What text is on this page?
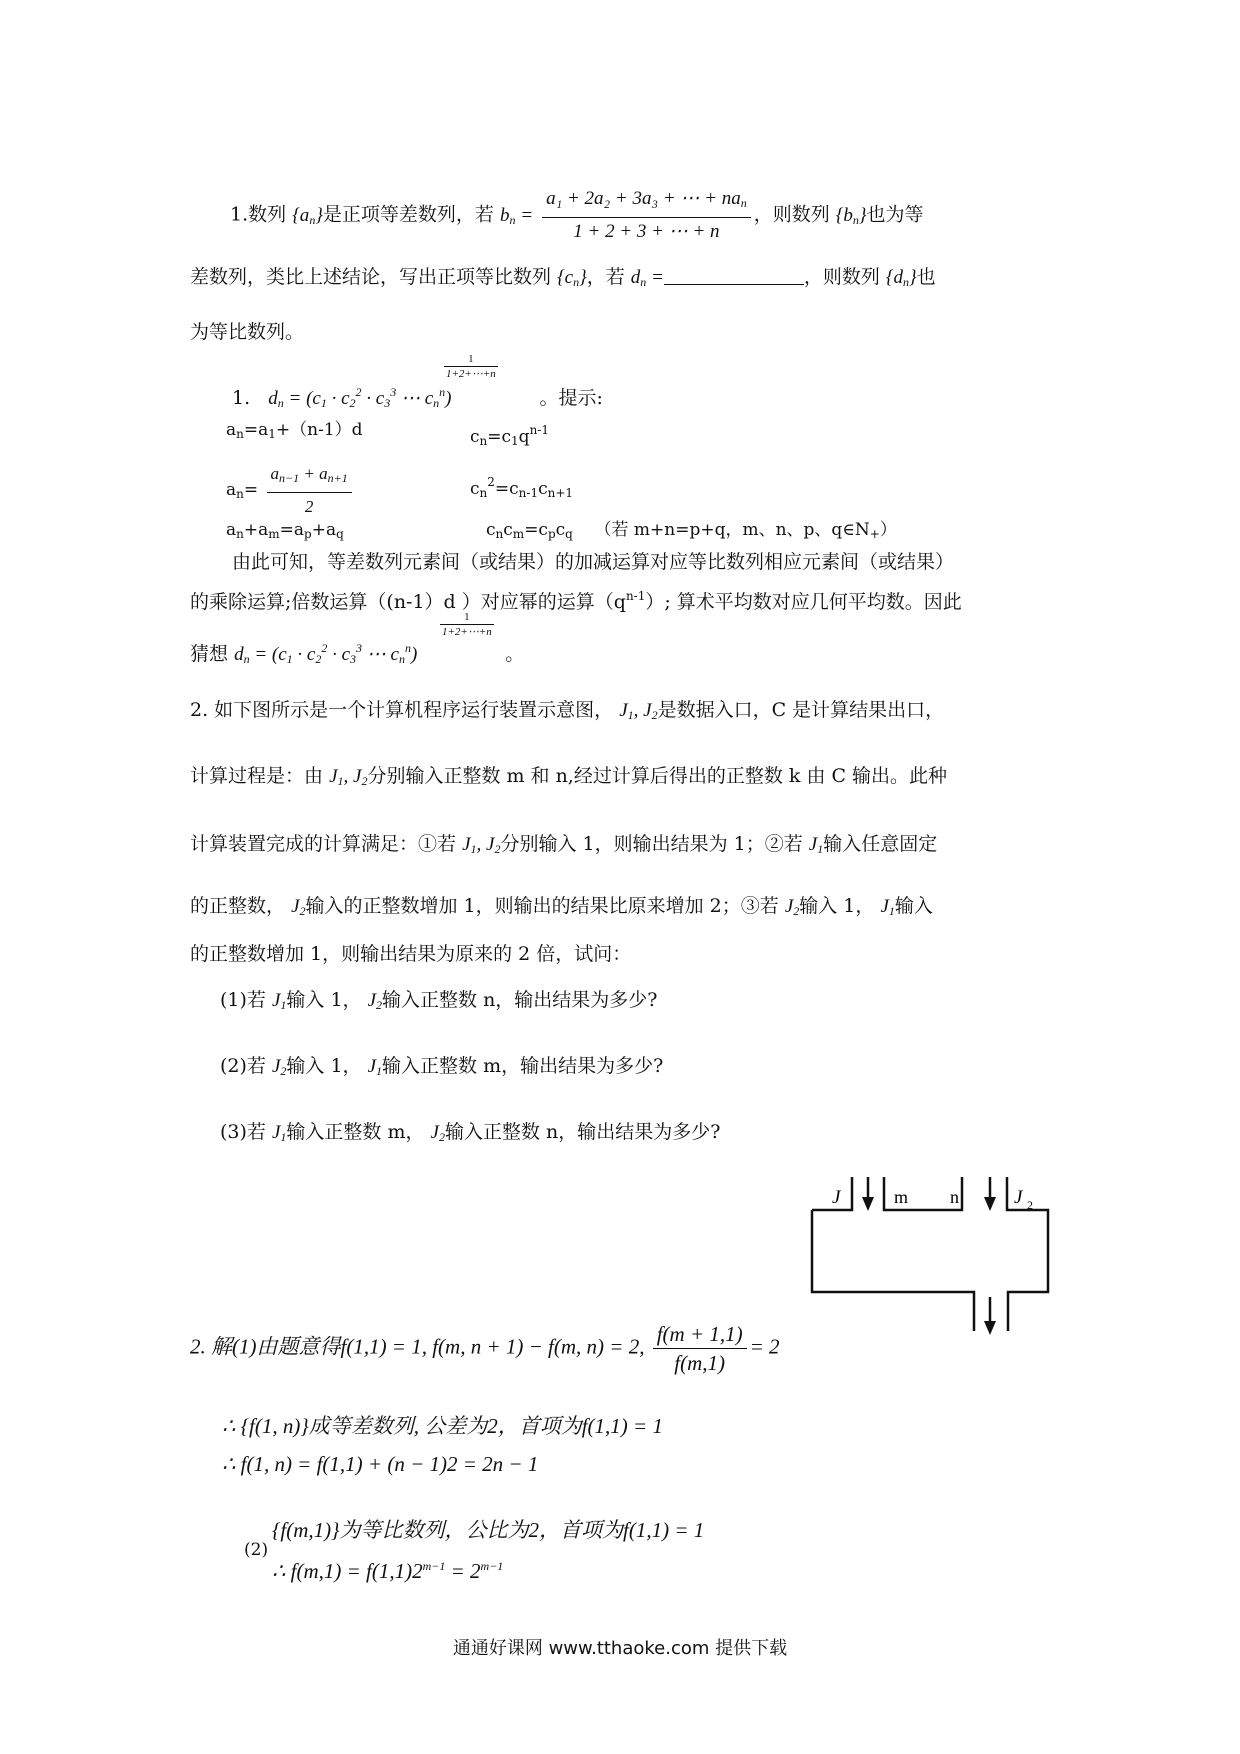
1.数列 $\{a_n\}$是正项等差数列，若 $b_n = \frac{a_1 + 2a_2 + 3a_3 + \cdots + na_n}{1 + 2 + 3 + \cdots + n}$ ，则数列 $\{b_n\}$也为等
差数列，类比上述结论，写出正项等比数列 $\{c_n\}$，若 $d_n$ =	，则数列 $\{d_n\}$也
为等比数列。
1. $d_n = (c_1 \cdot c_2^2 \cdot c_3^3$ ⋯ $c_n^n$)	。提示:
1
1+2+⋯+n
$a_n=a_1+(n-1)d$	$c_n=c_1q^{n-1}$
$a_n= \frac{a_{n-1} + a_{n+1}}{2}$	$c_n^2=c_{n-1}c_{n+1}$
$a_n+a_m=a_p+a_q$	$c_nc_m=c_pc_q$ （若 m+n=p+q，m、n、p、$q\in N_+$）
由此可知，等差数列元素间（或结果）的加减运算对应等比数列相应元素间（或结果）
的乘除运算;倍数运算（(n-1）d ）对应幂的运算$(q^{n-1})$; 算术平均数对应几何平均数。因此
猜想 $d_n = (c_1 \cdot c_2^2 \cdot c_3^3$ ⋯ $c_n^n$)	。
1
1+2+⋯+n
2. 如下图所示是一个计算机程序运行装置示意图， $J_1$, $J_2$是数据入口，C 是计算结果出口，
计算过程是：由 $J_1$, $J_2$分别输入正整数 m 和 n,经过计算后得出的正整数 k 由 C 输出。此种
计算装置完成的计算满足：①若 $J_1$, $J_2$分别输入 1，则输出结果为 1；②若 $J_1$输入任意固定
的正整数， $J_2$输入的正整数增加 1，则输出的结果比原来增加 2；③若 $J_2$输入 1， $J_1$输入
的正整数增加 1，则输出结果为原来的 2 倍，试问：
(1)若 $J_1$输入 1， $J_2$输入正整数 n，输出结果为多少?
(2)若 $J_2$输入 1， $J_1$输入正整数 m，输出结果为多少?
(3)若 $J_1$输入正整数 m， $J_2$输入正整数 n，输出结果为多少?
J	m n	J 2
2. 解(1)由题意得f(1,1) = 1, f(m, n + 1) − f(m, n) = 2, $\frac{f(m + 1,1)}{f(m,1)} = 2$
∴ {f(1, n)}成等差数列, 公差为2，首项为f(1,1) = 1
∴ f(1, n) = f(1,1) + (n − 1)2 = 2n − 1
(2)
{f(m,1)}为等比数列，公比为2，首项为f(1,1) = 1
∴ $f(m,1) = f(1,1)2^{m-1} = 2^{m-1}$
通通好课网 www.tthaoke.com 提供下载
